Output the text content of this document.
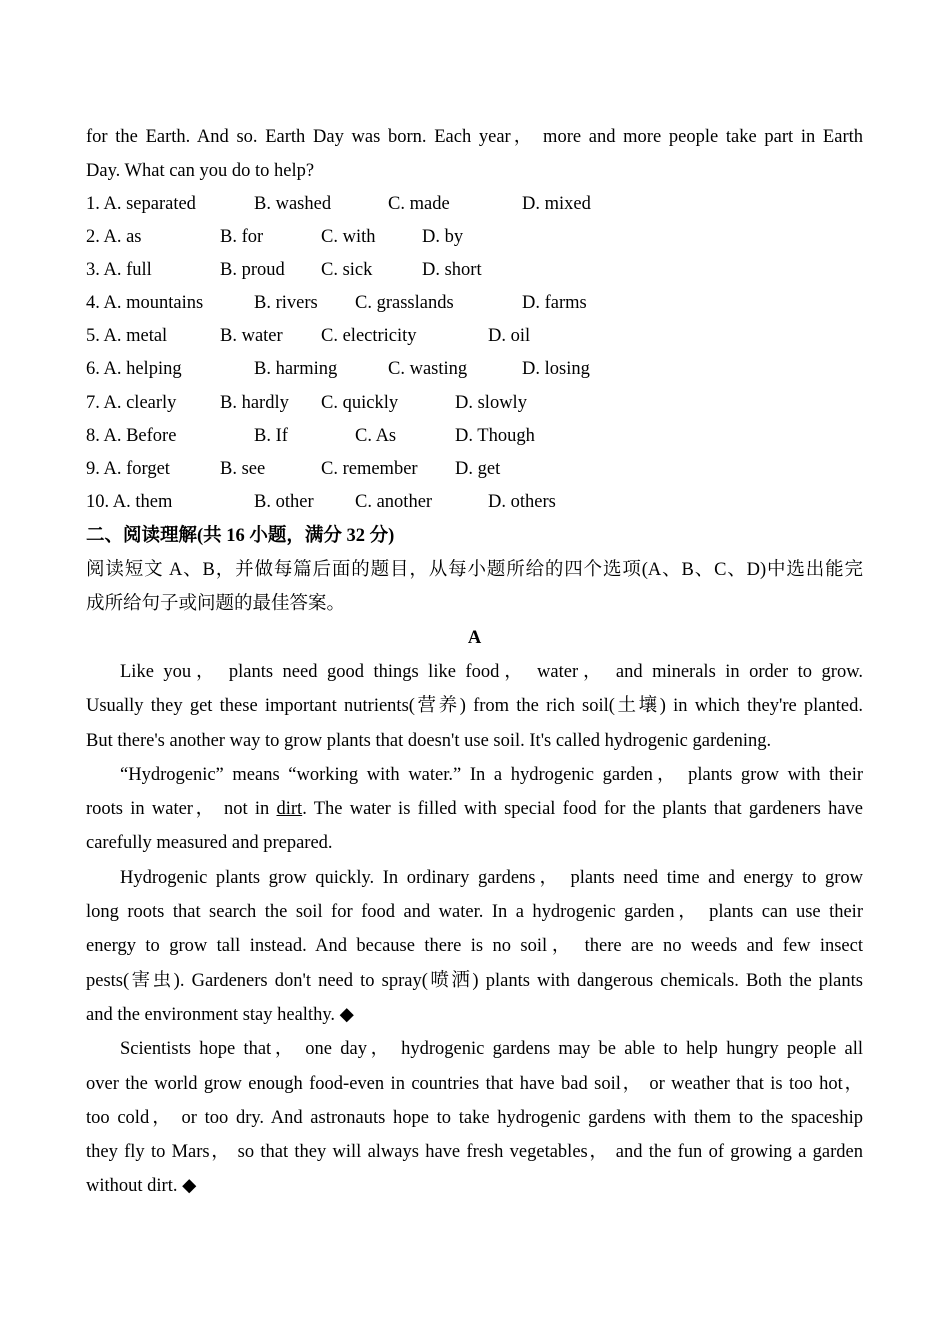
for the Earth. And so. Earth Day was born. Each year， more and more people take part in Earth
Day. What can you do to help?
1. A. separated	B. washed	C. made	D. mixed
2. A. as	B. for	C. with	D. by
3. A. full	B. proud C. sick	D. short
4. A. mountains	B. rivers C. grasslands	D. farms
5. A. metal	B. water C. electricity	D. oil
6. A. helping	B. harming	C. wasting	D. losing
7. A. clearly B. hardly C. quickly	D. slowly
8. A. Before	B. If	C. As	D. Though
9. A. forget	B. see	C. remember D. get
10. A. them	B. other C. another	D. others
二、阅读理解(共 16 小题，满分 32 分)
阅读短文 A、B，并做每篇后面的题目，从每小题所给的四个选项(A、B、C、D)中选出能完
成所给句子或问题的最佳答案。
A
Like you， plants need good things like food， water， and minerals in order to grow.
Usually they get these important nutrients(营养) from the rich soil(土壤) in which they're planted.
But there's another way to grow plants that doesn't use soil. It's called hydrogenic gardening.
“Hydrogenic” means “working with water.” In a hydrogenic garden， plants grow with their
roots in water， not in dirt. The water is filled with special food for the plants that gardeners have
carefully measured and prepared.
Hydrogenic plants grow quickly. In ordinary gardens， plants need time and energy to grow
long roots that search the soil for food and water. In a hydrogenic garden， plants can use their
energy to grow tall instead. And because there is no soil， there are no weeds and few insect
pests(害虫). Gardeners don't need to spray(喷洒) plants with dangerous chemicals. Both the plants
and the environment stay healthy. ◆
Scientists hope that， one day， hydrogenic gardens may be able to help hungry people all
over the world grow enough food-even in countries that have bad soil， or weather that is too hot，
too cold， or too dry. And astronauts hope to take hydrogenic gardens with them to the spaceship
they fly to Mars， so that they will always have fresh vegetables， and the fun of growing a garden
without dirt. ◆
